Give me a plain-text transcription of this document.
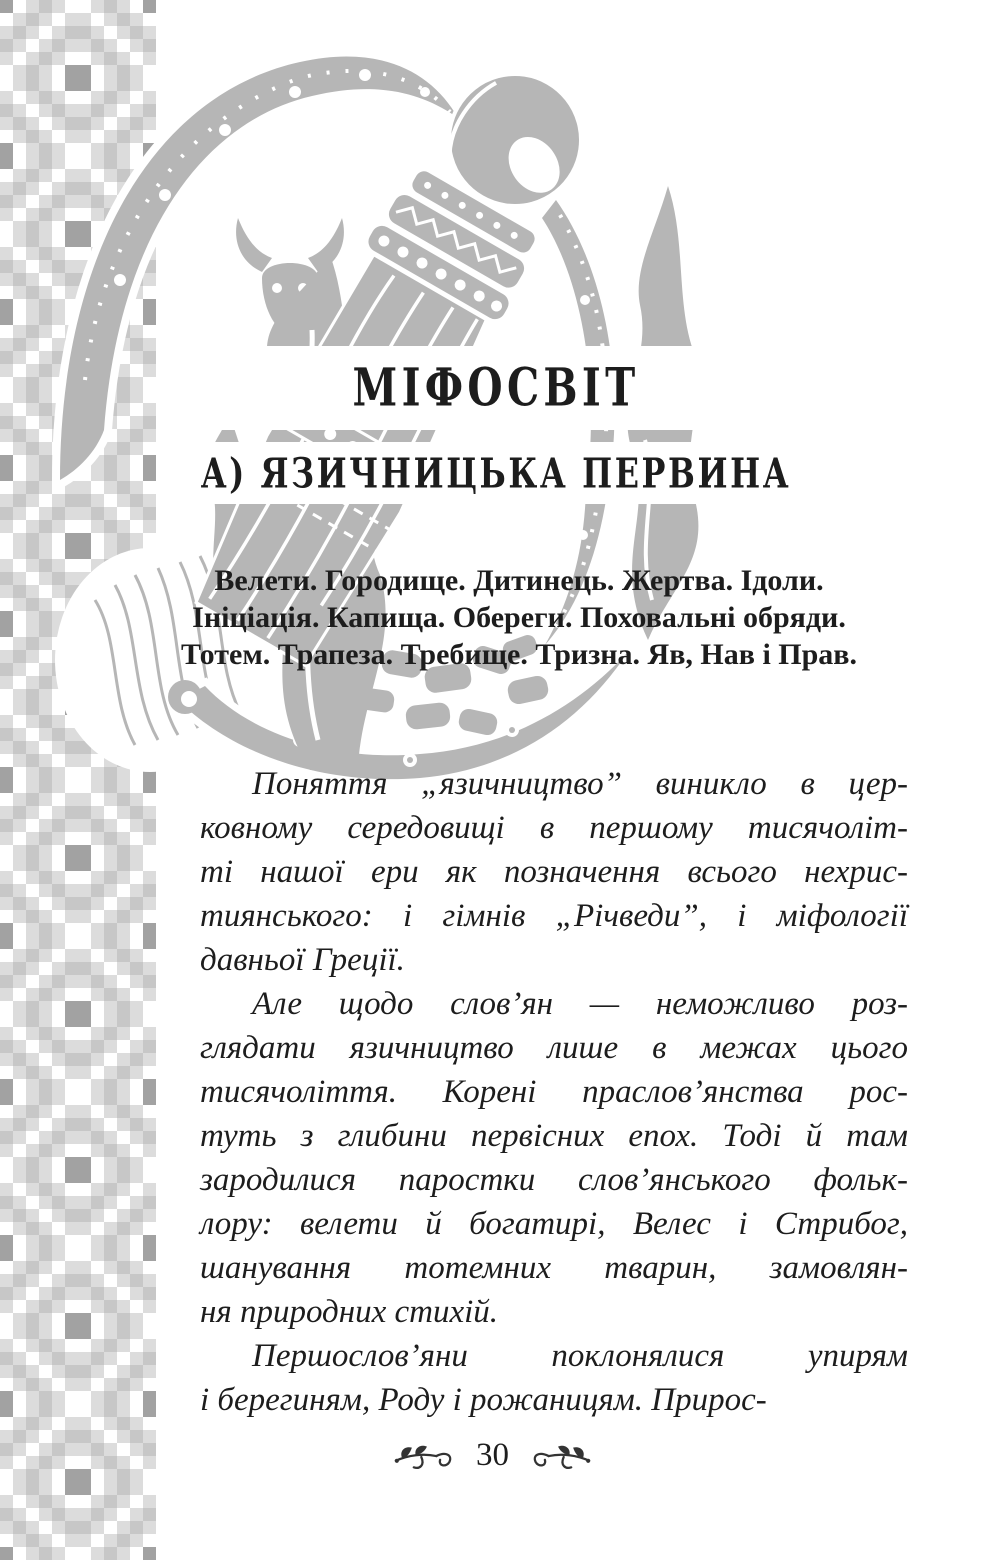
МІФОСВІТ
А) ЯЗИЧНИЦЬКА ПЕРВИНА
Велети. Городище. Дитинець. Жертва. Ідоли.
Ініціація. Капища. Обереги. Поховальні обряди.
Тотем. Трапеза. Требище. Тризна. Яв, Нав і Прав.
Поняття „язичництво” виникло в цер-
ковному середовищі в першому тисячоліт-
ті нашої ери як позначення всього нехрис-
тиянського: і гімнів „Річведи”, і міфології
давньої Греції.
Але щодо слов’ян — неможливо роз-
глядати язичництво лише в межах цього
тисячоліття. Корені праслов’янства рос-
туть з глибини первісних епох. Тоді й там
зародилися паростки слов’янського фольк-
лору: велети й богатирі, Велес і Стрибог,
шанування тотемних тварин, замовлян-
ня природних стихій.
Першослов’яни поклонялися упирям
і берегиням, Роду і рожаницям. Прирос-
30
